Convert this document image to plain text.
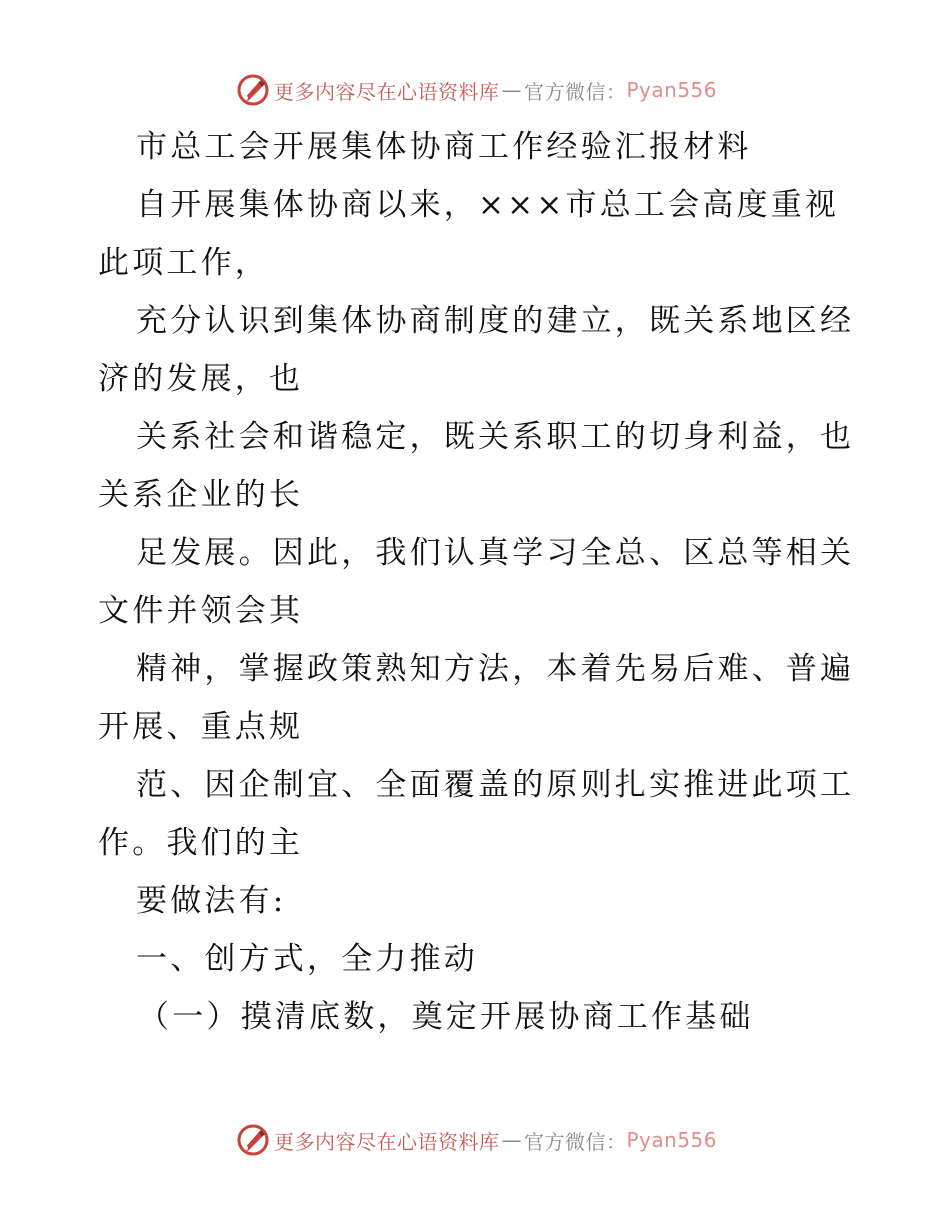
更多内容尽在心语资料库 — 官方微信： Pyan556
市总工会开展集体协商工作经验汇报材料
自开展集体协商以来，×××市总工会高度重视
此项工作，
充分认识到集体协商制度的建立，既关系地区经
济的发展，也
关系社会和谐稳定，既关系职工的切身利益，也
关系企业的长
足发展。因此，我们认真学习全总、区总等相关
文件并领会其
精神，掌握政策熟知方法，本着先易后难、普遍
开展、重点规
范、因企制宜、全面覆盖的原则扎实推进此项工
作。我们的主
要做法有:
一、创方式，全力推动
（一）摸清底数，奠定开展协商工作基础
更多内容尽在心语资料库 — 官方微信： Pyan556
